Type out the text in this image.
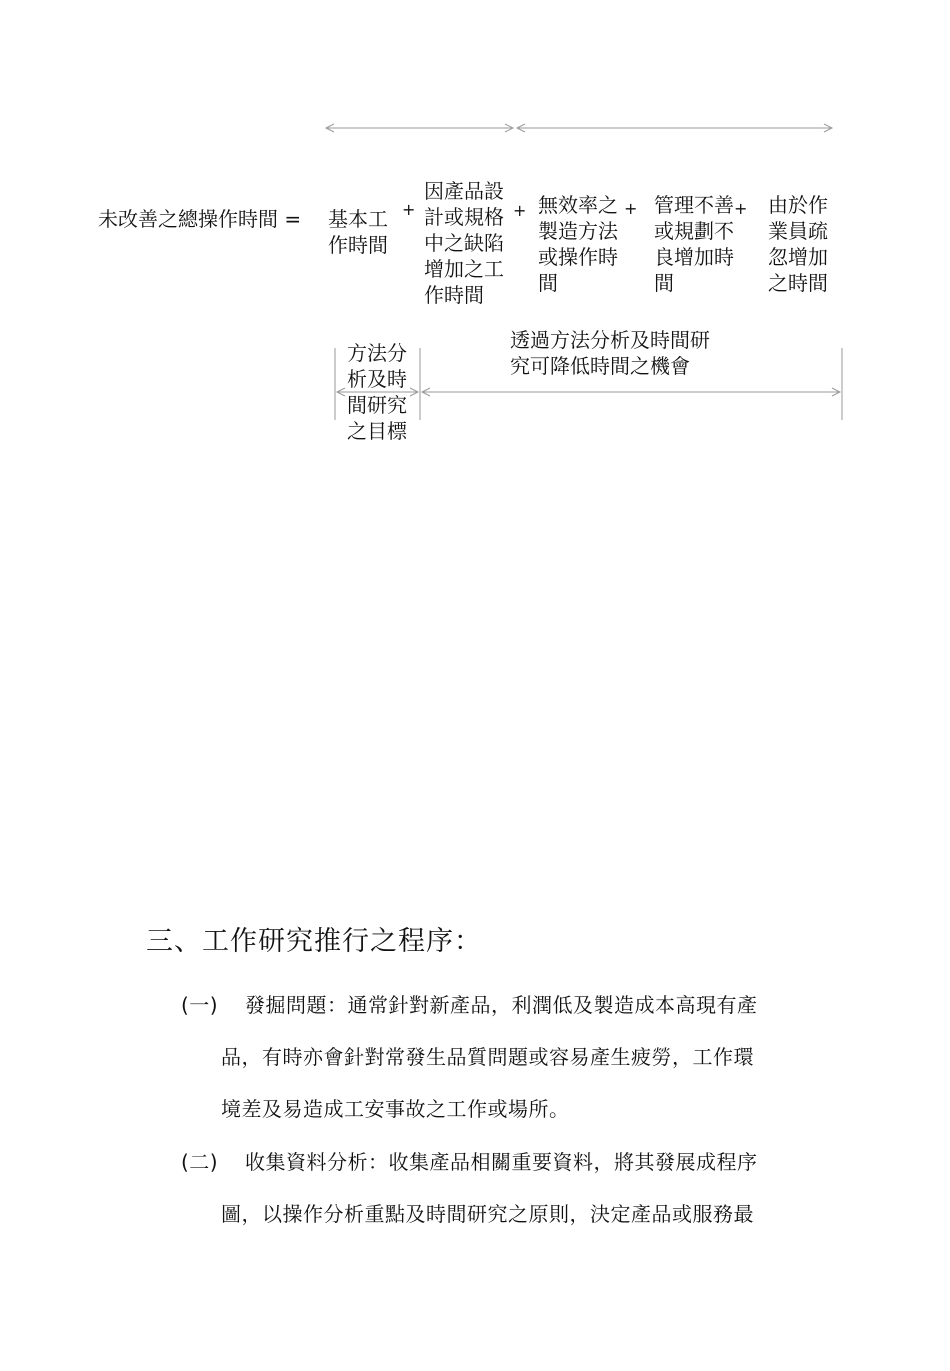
未改善之總操作時間 = 基本工
作時間
+
因產品設
計或規格
中之缺陷
增加之工
作時間
+ 無效率之
製造方法
或操作時
間
+ 管理不善
或規劃不
良增加時
間
+ 由於作
業員疏
忽增加
之時間
方法分
析及時
間研究
之目標
透過方法分析及時間研
究可降低時間之機會
三、工作研究推行之程序：
(一) 發掘問題：通常針對新產品，利潤低及製造成本高現有產
品，有時亦會針對常發生品質問題或容易產生疲勞，工作環
境差及易造成工安事故之工作或場所。
(二) 收集資料分析：收集產品相關重要資料，將其發展成程序
圖，以操作分析重點及時間研究之原則，決定產品或服務最
